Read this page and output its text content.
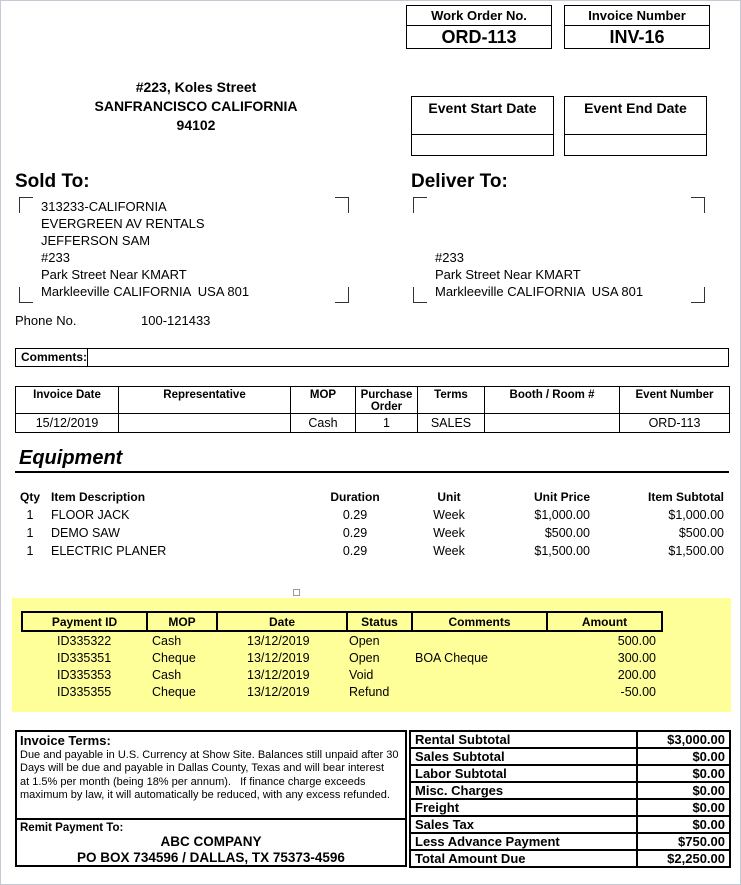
Work Order No.
ORD-113
Invoice Number
INV-16
#223, Koles Street
SANFRANCISCO CALIFORNIA
94102
Event Start Date	Event End Date
Sold To:
313233-CALIFORNIA
EVERGREEN AV RENTALS
JEFFERSON SAM
#233
Park Street Near KMART
Markleeville CALIFORNIA  USA 801
Deliver To:
#233
Park Street Near KMART
Markleeville CALIFORNIA  USA 801
Phone No.	100-121433
Comments:
Invoice Date	Representative	MOP	Purchase Order	Terms	Booth / Room #	Event Number
15/12/2019		Cash	1	SALES		ORD-113
Equipment
Qty	Item Description	Duration	Unit	Unit Price	Item Subtotal
1	FLOOR JACK	0.29	Week	$1,000.00	$1,000.00
1	DEMO SAW	0.29	Week	$500.00	$500.00
1	ELECTRIC PLANER	0.29	Week	$1,500.00	$1,500.00
Payment ID	MOP	Date	Status	Comments	Amount
ID335322	Cash	13/12/2019	Open		500.00
ID335351	Cheque	13/12/2019	Open	BOA Cheque	300.00
ID335353	Cash	13/12/2019	Void		200.00
ID335355	Cheque	13/12/2019	Refund		-50.00
Invoice Terms:
Due and payable in U.S. Currency at Show Site. Balances still unpaid after 30
Days will be due and payable in Dallas County, Texas and will bear interest
at 1.5% per month (being 18% per annum).   If finance charge exceeds
maximum by law, it will automatically be reduced, with any excess refunded.
Remit Payment To:
ABC COMPANY
PO BOX 734596 / DALLAS, TX 75373-4596
Rental Subtotal	$3,000.00
Sales Subtotal	$0.00
Labor Subtotal	$0.00
Misc. Charges	$0.00
Freight	$0.00
Sales Tax	$0.00
Less Advance Payment	$750.00
Total Amount Due	$2,250.00
